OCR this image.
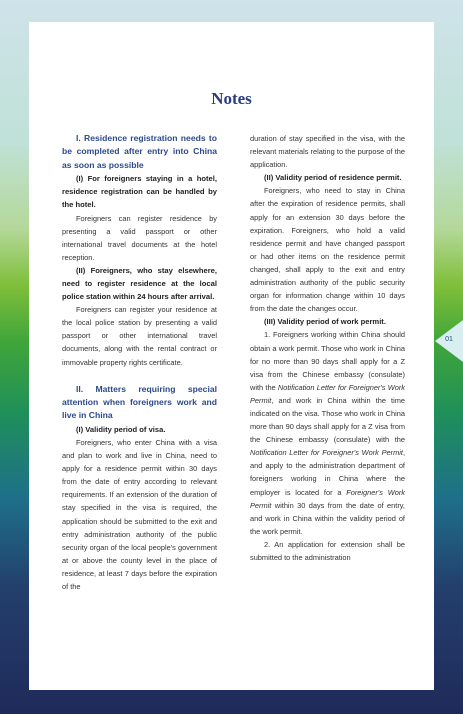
Notes

I. Residence registration needs to be completed after entry into China as soon as possible

(I) For foreigners staying in a hotel, residence registration can be handled by the hotel.

Foreigners can register residence by presenting a valid passport or other international travel documents at the hotel reception.

(II) Foreigners, who stay elsewhere, need to register residence at the local police station within 24 hours after arrival.

Foreigners can register your residence at the local police station by presenting a valid passport or other international travel documents, along with the rental contract or immovable property rights certificate.

II. Matters requiring special attention when foreigners work and live in China

(I) Validity period of visa.

Foreigners, who enter China with a visa and plan to work and live in China, need to apply for a residence permit within 30 days from the date of entry according to relevant requirements. If an extension of the duration of stay specified in the visa is required, the application should be submitted to the exit and entry administration authority of the public security organ of the local people's government at or above the county level in the place of residence, at least 7 days before the expiration of the

duration of stay specified in the visa, with the relevant materials relating to the purpose of the application.

(II) Validity period of residence permit.

Foreigners, who need to stay in China after the expiration of residence permits, shall apply for an extension 30 days before the expiration. Foreigners, who hold a valid residence permit and have changed passport or had other items on the residence permit changed, shall apply to the exit and entry administration authority of the public security organ for information change within 10 days from the date the changes occur.

(III) Validity period of work permit.

1. Foreigners working within China should obtain a work permit. Those who work in China for no more than 90 days shall apply for a Z visa from the Chinese embassy (consulate) with the Notification Letter for Foreigner's Work Permit, and work in China within the time indicated on the visa. Those who work in China more than 90 days shall apply for a Z visa from the Chinese embassy (consulate) with the Notification Letter for Foreigner's Work Permit, and apply to the administration department of foreigners working in China where the employer is located for a Foreigner's Work Permit within 30 days from the date of entry, and work in China within the validity period of the work permit.

2. An application for extension shall be submitted to the administration

01
